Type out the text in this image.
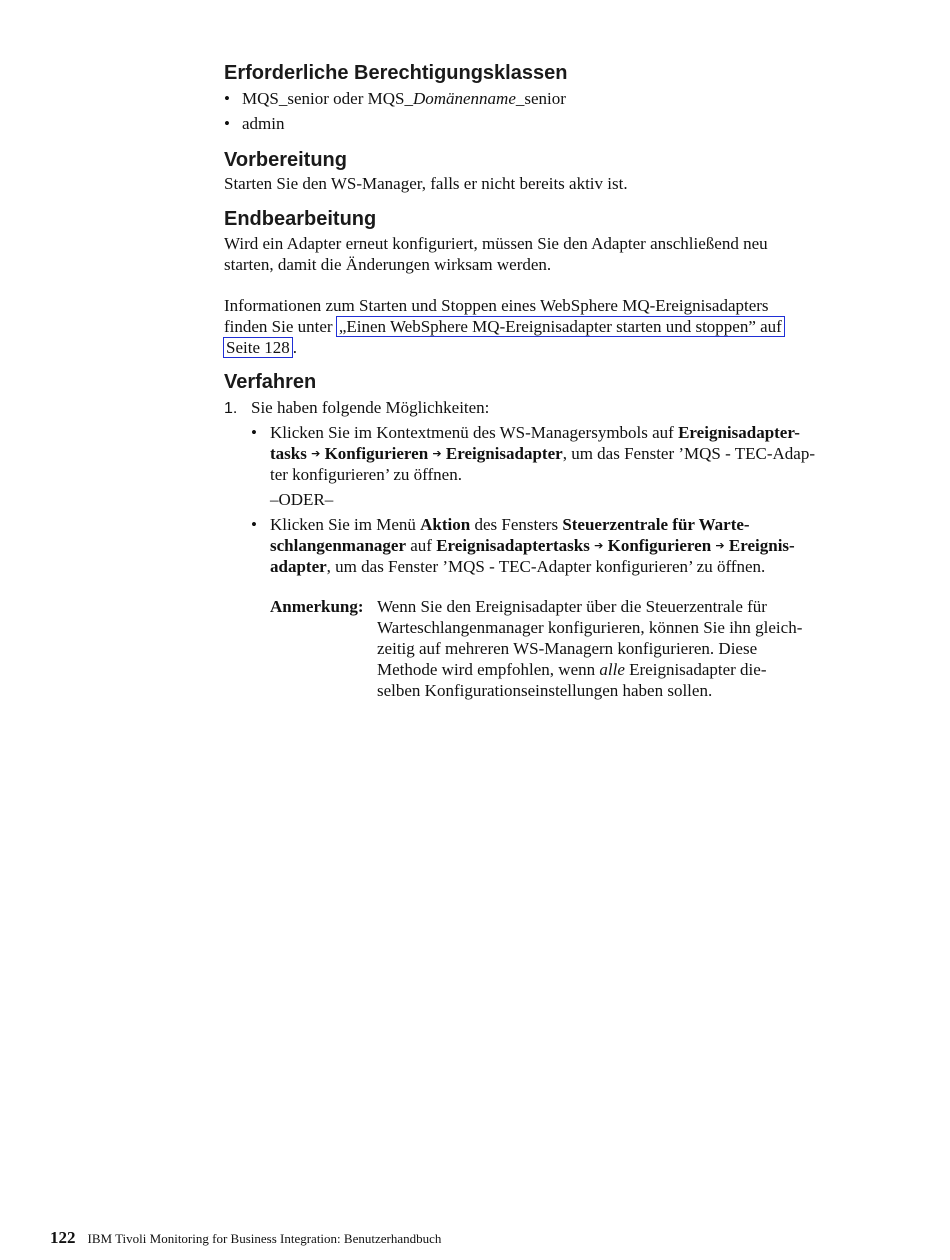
Erforderliche Berechtigungsklassen
• MQS_senior oder MQS_Domänenname_senior
• admin
Vorbereitung

Starten Sie den WS-Manager, falls er nicht bereits aktiv ist.

Endbearbeitung

Wird ein Adapter erneut konfiguriert, müssen Sie den Adapter anschließend neu

starten, damit die Änderungen wirksam werden.

Informationen zum Starten und Stoppen eines WebSphere MQ-Ereignisadapters

finden Sie unter „Einen WebSphere MQ-Ereignisadapter starten und stoppen” auf

Seite 128 .

Verfahren

1. Sie haben folgende Möglichkeiten:

• Klicken Sie im Kontextmenü des WS-Managersymbols auf Ereignisadapter-
tasks ➔ Konfigurieren ➔ Ereignisadapter, um das Fenster ’MQS - TEC-Adap-
ter konfigurieren’ zu öffnen.

–ODER–

• Klicken Sie im Menü Aktion des Fensters Steuerzentrale für Warte-
schlangenmanager auf Ereignisadaptertasks ➔ Konfigurieren ➔ Ereignis-
adapter, um das Fenster ’MQS - TEC-Adapter konfigurieren’ zu öffnen.
Anmerkung: Wenn Sie den Ereignisadapter über die Steuerzentrale für
Warteschlangenmanager konfigurieren, können Sie ihn gleich-
zeitig auf mehreren WS-Managern konfigurieren. Diese
Methode wird empfohlen, wenn alle Ereignisadapter die-
selben Konfigurationseinstellungen haben sollen.
122 IBM Tivoli Monitoring for Business Integration: Benutzerhandbuch
